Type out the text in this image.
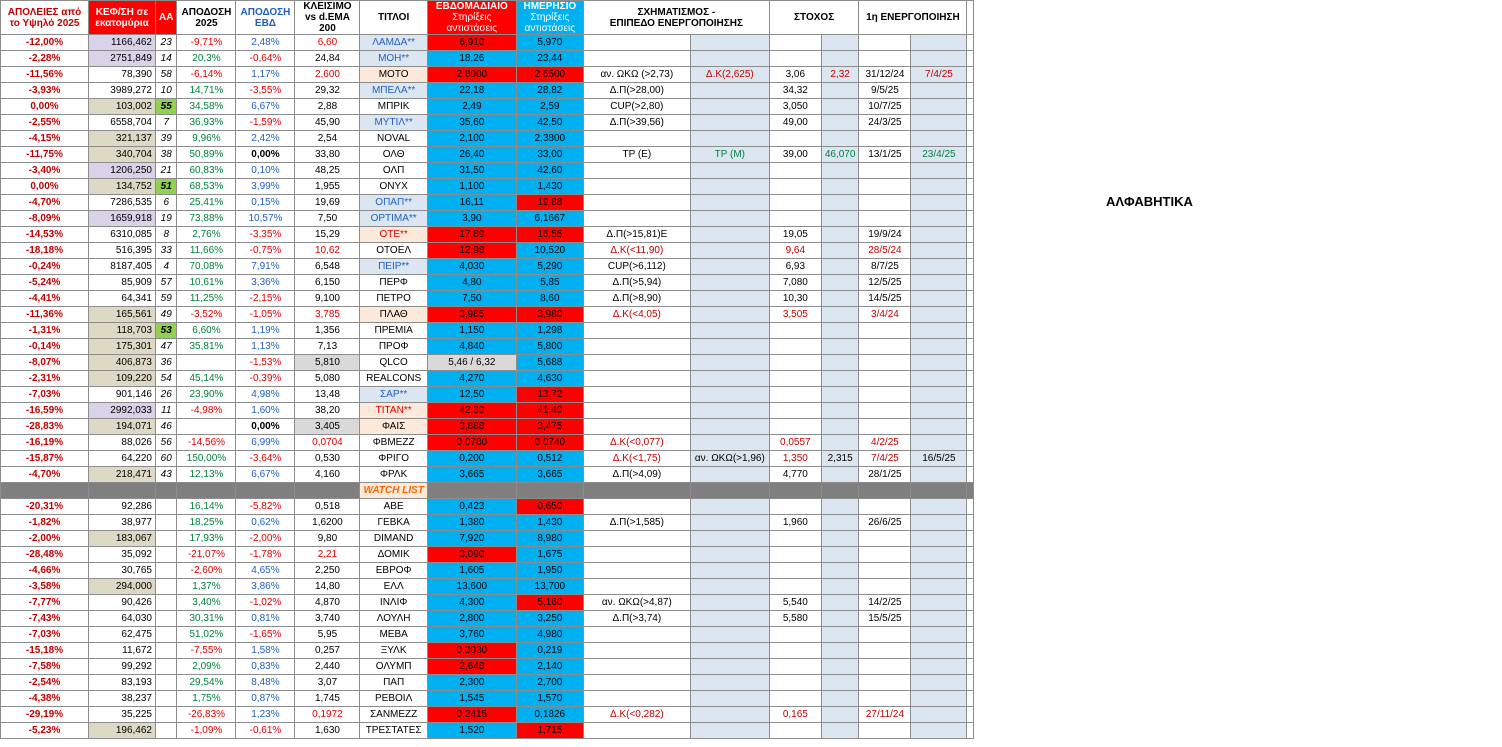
ΑΠΟΛΕΙΕΣ από
το Υψηλό 2025	ΚΕΦ/ΣΗ σε
εκατομύρια	ΑΑ	ΑΠΟΔΟΣΗ
2025	ΑΠΟΔΟΣΗ
ΕΒΔ	ΚΛΕΙΣΙΜΟ
vs d.EMA 200	ΤΙΤΛΟΙ	ΕΒΔΟΜΑΔΙΑΙΟ
Στηρίξεις
αντιστάσεις	ΗΜΕΡΗΣΙΟ
Στηρίξεις
αντιστάσεις	ΣΧΗΜΑΤΙΣΜΟΣ -
ΕΠΙΠΕΔΟ ΕΝΕΡΓΟΠΟΙΗΣΗΣ		ΣΤΟΧΟΣ		1η ΕΝΕΡΓΟΠΟΙΗΣΗ		
-12,00%	1166,462	23	-9,71%	2,48%	6,60	ΛΑΜΔΑ**	6,910	5,970							
-2,28%	2751,849	14	20,3%	-0,64%	24,84	ΜΟΗ**	18,26	23,44							
-11,56%	78,390	58	-6,14%	1,17%	2,600	ΜΟΤΟ	2,8000	2,6500	αν. ΩΚΩ (>2,73)	Δ.Κ(2,625)	3,06	2,32	31/12/24	7/4/25	
-3,93%	3989,272	10	14,71%	-3,55%	29,32	ΜΠΕΛΑ**	22,18	28,82	Δ.Π(>28,00)		34,32		9/5/25		
0,00%	103,002	55	34,58%	6,67%	2,88	ΜΠΡΙΚ	2,49	2,59	CUP(>2,80)		3,050		10/7/25		
-2,55%	6558,704	7	36,93%	-1,59%	45,90	ΜΥΤΙΛ**	35,60	42,50	Δ.Π(>39,56)		49,00		24/3/25		
-4,15%	321,137	39	9,96%	2,42%	2,54	NOVAL	2,100	2,3800							
-11,75%	340,704	38	50,89%	0,00%	33,80	ΟΛΘ	26,40	33,00	TP (E)	TP (M)	39,00	46,070	13/1/25	23/4/25	
-3,40%	1206,250	21	60,83%	0,10%	48,25	ΟΛΠ	31,50	42,60							
0,00%	134,752	51	68,53%	3,99%	1,955	ONYX	1,100	1,430							
-4,70%	7286,535	6	25,41%	0,15%	19,69	ΟΠΑΠ**	16,11	19,88							
-8,09%	1659,918	19	73,88%	10,57%	7,50	ΟΡΤΙΜΑ**	3,90	6,1667							
-14,53%	6310,085	8	2,76%	-3,35%	15,29	ΟΤΕ**	17,89	16,55	Δ.Π(>15,81)E		19,05		19/9/24		
-18,18%	516,395	33	11,66%	-0,75%	10,62	ΟΤΟΕΛ	12,98	10,520	Δ.Κ(<11,90)		9,64		28/5/24		
-0,24%	8187,405	4	70,08%	7,91%	6,548	ΠΕΙΡ**	4,030	5,290	CUP(>6,112)		6,93		8/7/25		
-5,24%	85,909	57	10,61%	3,36%	6,150	ΠΕΡΦ	4,80	5,85	Δ.Π(>5,94)		7,080		12/5/25		
-4,41%	64,341	59	11,25%	-2,15%	9,100	ΠΕΤΡΟ	7,50	8,60	Δ.Π(>8,90)		10,30		14/5/25		
-11,36%	165,561	49	-3,52%	-1,05%	3,785	ΠΛΑΘ	3,985	3,980	Δ.Κ(<4,05)		3,505		3/4/24		
-1,31%	118,703	53	6,60%	1,19%	1,356	ΠΡΕΜΙΑ	1,150	1,298							
-0,14%	175,301	47	35,81%	1,13%	7,13	ΠΡΟΦ	4,840	5,800							
-8,07%	406,873	36		-1,53%	5,810	QLCO	5,46 / 6,32	5,688							
-2,31%	109,220	54	45,14%	-0,39%	5,080	REALCONS	4,270	4,630							
-7,03%	901,146	26	23,90%	4,98%	13,48	ΣΑΡ**	12,50	13,72							
-16,59%	2992,033	11	-4,98%	1,60%	38,20	ΤΙΤΑΝ**	42,30	41,40							
-28,83%	194,071	46		0,00%	3,405	ΦΑΙΣ	3,888	3,475							
-16,19%	88,026	56	-14,56%	6,99%	0,0704	ΦΒΜΕΖΖ	0,0780	0,0740	Δ.Κ(<0,077)		0,0557		4/2/25		
-15,87%	64,220	60	150,00%	-3,64%	0,530	ΦΡΙΓΟ	0,200	0,512	Δ.Κ(<1,75)	αν. ΩΚΩ(>1,96)	1,350	2,315	7/4/25	16/5/25	
-4,70%	218,471	43	12,13%	6,67%	4,160	ΦΡΛΚ	3,665	3,665	Δ.Π(>4,09)		4,770		28/1/25		
						WATCH LIST									
-20,31%	92,286		16,14%	-5,82%	0,518	ΑΒΕ	0,423	0,650							
-1,82%	38,977		18,25%	0,62%	1,6200	ΓΕΒΚΑ	1,380	1,430	Δ.Π(>1,585)		1,960		26/6/25		
-2,00%	183,067		17,93%	-2,00%	9,80	DIMAND	7,920	8,980							
-28,48%	35,092		-21,07%	-1,78%	2,21	ΔΟΜΙΚ	3,090	1,675							
-4,66%	30,765		-2,60%	4,65%	2,250	ΕΒΡΟΦ	1,605	1,950							
-3,58%	294,000		1,37%	3,86%	14,80	ΕΛΛ	13,600	13,700							
-7,77%	90,426		3,40%	-1,02%	4,870	ΙΝΛΙΦ	4,300	5,160	αν. ΩΚΩ(>4,87)		5,540		14/2/25		
-7,43%	64,030		30,31%	0,81%	3,740	ΛΟΥΛΗ	2,800	3,250	Δ.Π(>3,74)		5,580		15/5/25		
-7,03%	62,475		51,02%	-1,65%	5,95	ΜΕΒΑ	3,760	4,980							
-15,18%	11,672		-7,55%	1,58%	0,257	ΞΥΛΚ	0,3030	0,219							
-7,58%	99,292		2,09%	0,83%	2,440	ΟΛΥΜΠ	2,648	2,140							
-2,54%	83,193		29,54%	8,48%	3,07	ΠΑΠ	2,300	2,700							
-4,38%	38,237		1,75%	0,87%	1,745	ΡΕΒΟΙΛ	1,545	1,570							
-29,19%	35,225		-26,83%	1,23%	0,1972	ΣΑΝΜΕΖΖ	0,2415	0,1826	Δ.Κ(<0,282)		0,165		27/11/24		
-5,23%	196,462		-1,09%	-0,61%	1,630	ΤΡΕΣΤΑΤΕΣ	1,520	1,715							
ΑΛΦΑΒΗΤΙΚΑ
